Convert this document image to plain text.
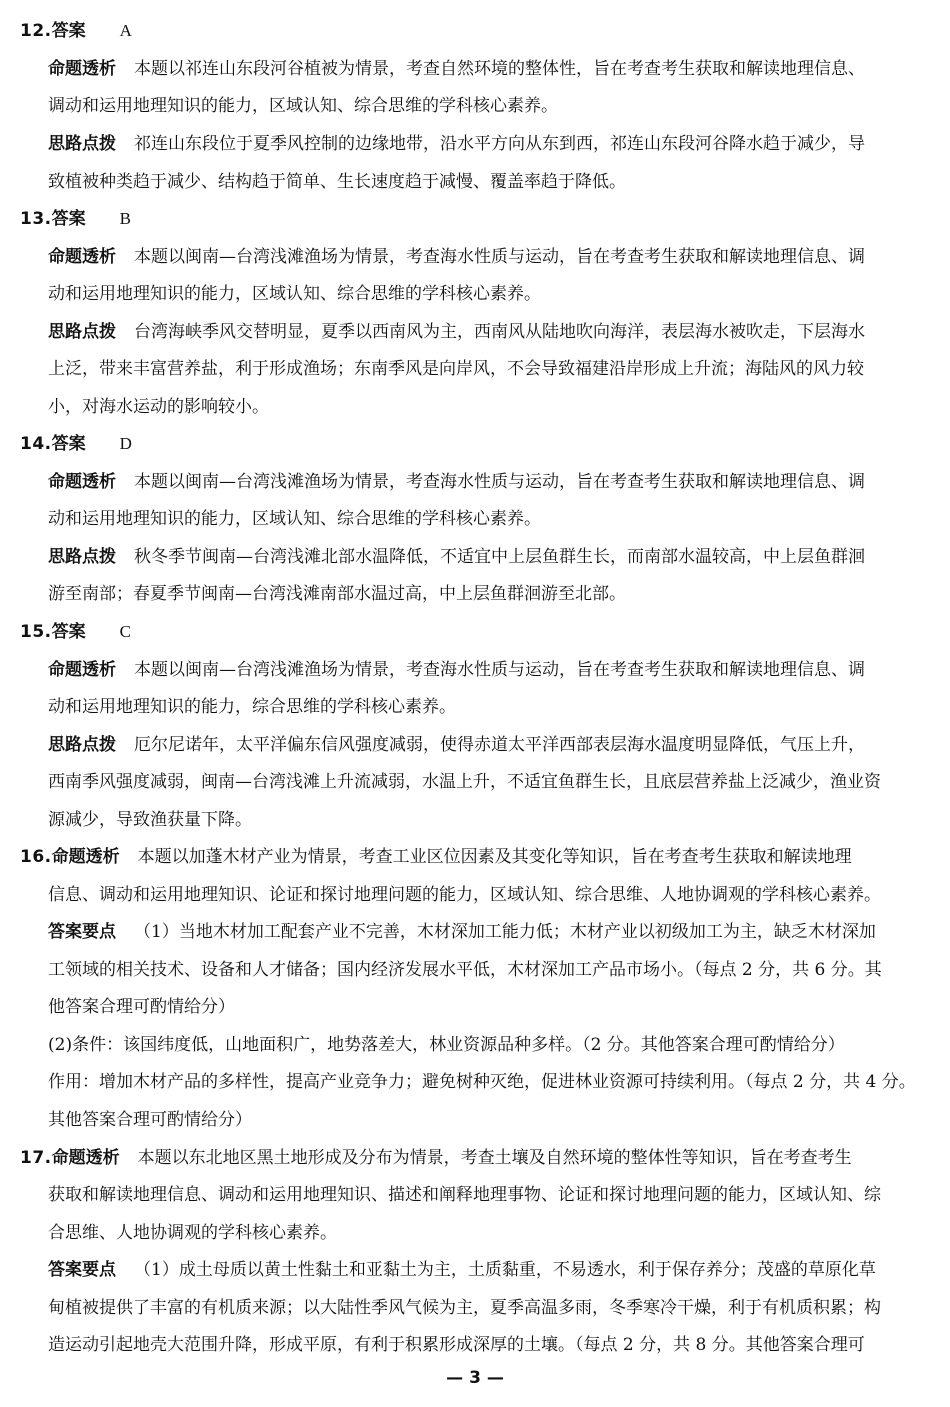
12.答案 A
命题透析 本题以祁连山东段河谷植被为情景，考查自然环境的整体性，旨在考查考生获取和解读地理信息、
调动和运用地理知识的能力，区域认知、综合思维的学科核心素养。
思路点拨 祁连山东段位于夏季风控制的边缘地带，沿水平方向从东到西，祁连山东段河谷降水趋于减少，导
致植被种类趋于减少、结构趋于简单、生长速度趋于减慢、覆盖率趋于降低。
13.答案 B
命题透析 本题以闽南—台湾浅滩渔场为情景，考查海水性质与运动，旨在考查考生获取和解读地理信息、调
动和运用地理知识的能力，区域认知、综合思维的学科核心素养。
思路点拨 台湾海峡季风交替明显，夏季以西南风为主，西南风从陆地吹向海洋，表层海水被吹走，下层海水
上泛，带来丰富营养盐，利于形成渔场；东南季风是向岸风，不会导致福建沿岸形成上升流；海陆风的风力较
小，对海水运动的影响较小。
14.答案 D
命题透析 本题以闽南—台湾浅滩渔场为情景，考查海水性质与运动，旨在考查考生获取和解读地理信息、调
动和运用地理知识的能力，区域认知、综合思维的学科核心素养。
思路点拨 秋冬季节闽南—台湾浅滩北部水温降低，不适宜中上层鱼群生长，而南部水温较高，中上层鱼群洄
游至南部；春夏季节闽南—台湾浅滩南部水温过高，中上层鱼群洄游至北部。
15.答案 C
命题透析 本题以闽南—台湾浅滩渔场为情景，考查海水性质与运动，旨在考查考生获取和解读地理信息、调
动和运用地理知识的能力，综合思维的学科核心素养。
思路点拨 厄尔尼诺年，太平洋偏东信风强度减弱，使得赤道太平洋西部表层海水温度明显降低，气压上升，
西南季风强度减弱，闽南—台湾浅滩上升流减弱，水温上升，不适宜鱼群生长，且底层营养盐上泛减少，渔业资
源减少，导致渔获量下降。
16.命题透析 本题以加蓬木材产业为情景，考查工业区位因素及其变化等知识，旨在考查考生获取和解读地理
信息、调动和运用地理知识、论证和探讨地理问题的能力，区域认知、综合思维、人地协调观的学科核心素养。
答案要点 （1）当地木材加工配套产业不完善，木材深加工能力低；木材产业以初级加工为主，缺乏木材深加
工领域的相关技术、设备和人才储备；国内经济发展水平低，木材深加工产品市场小。（每点 2 分，共 6 分。其
他答案合理可酌情给分）
(2)条件：该国纬度低，山地面积广，地势落差大，林业资源品种多样。（2 分。其他答案合理可酌情给分）
作用：增加木材产品的多样性，提高产业竞争力；避免树种灭绝，促进林业资源可持续利用。（每点 2 分，共 4 分。
其他答案合理可酌情给分）
17.命题透析 本题以东北地区黑土地形成及分布为情景，考查土壤及自然环境的整体性等知识，旨在考查考生
获取和解读地理信息、调动和运用地理知识、描述和阐释地理事物、论证和探讨地理问题的能力，区域认知、综
合思维、人地协调观的学科核心素养。
答案要点 （1）成土母质以黄土性黏土和亚黏土为主，土质黏重，不易透水，利于保存养分；茂盛的草原化草
甸植被提供了丰富的有机质来源；以大陆性季风气候为主，夏季高温多雨，冬季寒冷干燥，利于有机质积累；构
造运动引起地壳大范围升降，形成平原，有利于积累形成深厚的土壤。（每点 2 分，共 8 分。其他答案合理可
— 3 —
